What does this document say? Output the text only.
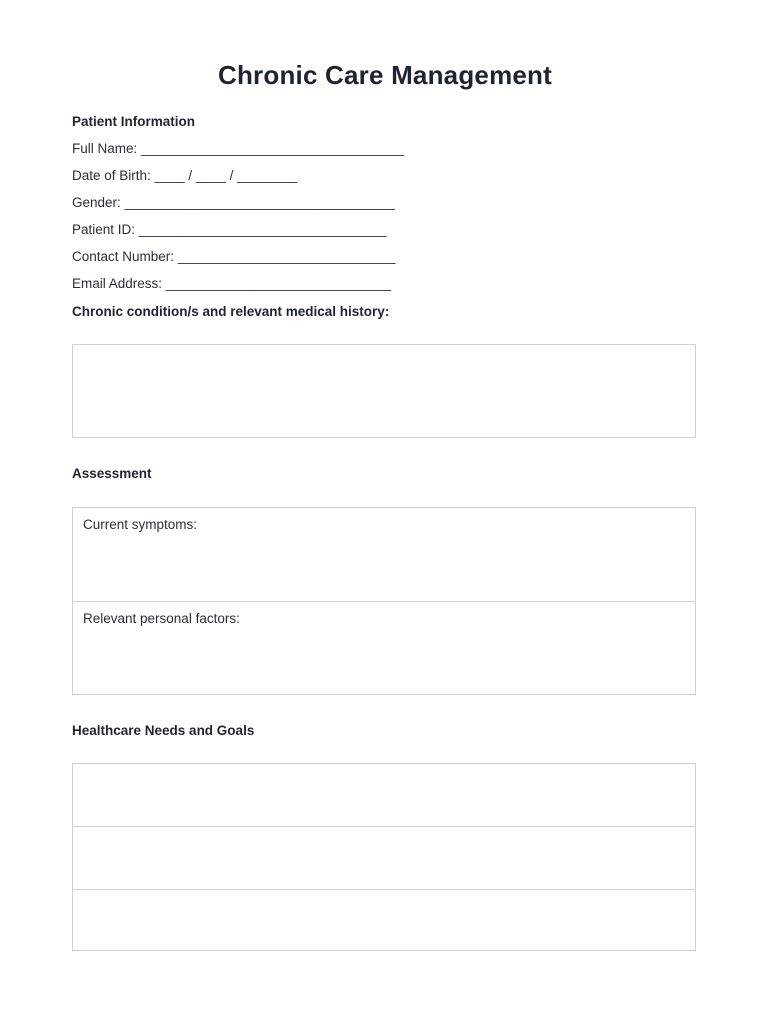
Chronic Care Management
Patient Information
Full Name: ___________________________________
Date of Birth: ____ / ____ / ________
Gender: ____________________________________
Patient ID: _________________________________
Contact Number: _____________________________
Email Address: ______________________________
Chronic condition/s and relevant medical history:
Assessment
Current symptoms:
Relevant personal factors:
Healthcare Needs and Goals
